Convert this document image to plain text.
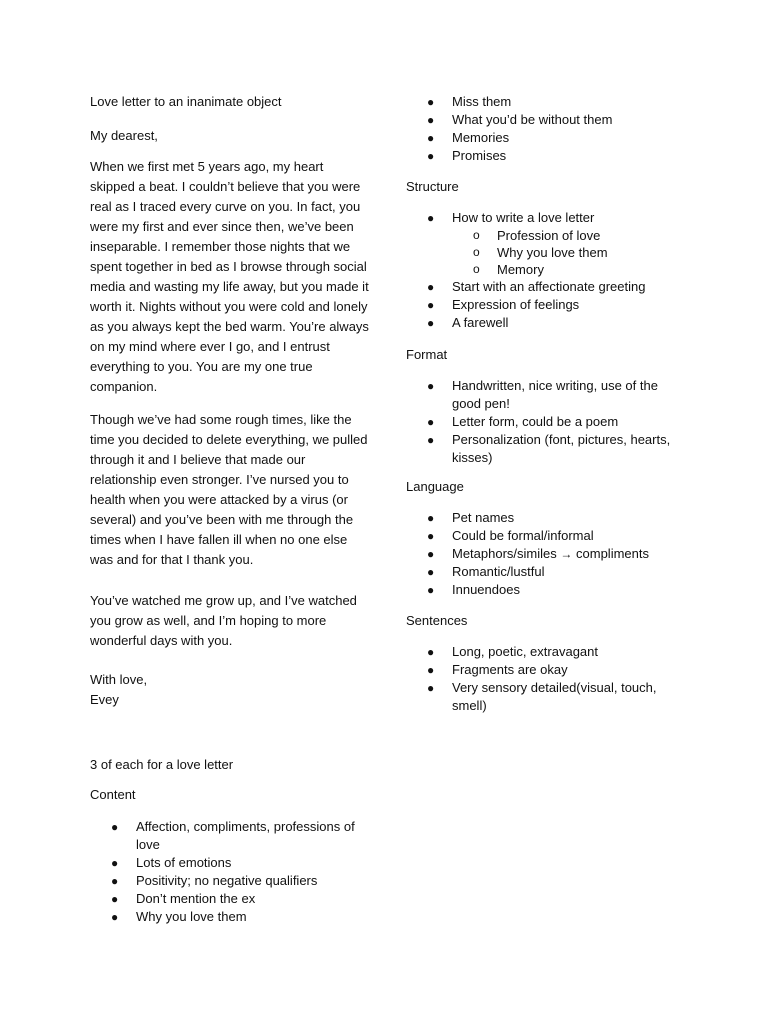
Love letter to an inanimate object
My dearest,
When we first met 5 years ago, my heart skipped a beat. I couldn’t believe that you were real as I traced every curve on you. In fact, you were my first and ever since then, we’ve been inseparable. I remember those nights that we spent together in bed as I browse through social media and wasting my life away, but you made it worth it. Nights without you were cold and lonely as you always kept the bed warm. You’re always on my mind where ever I go, and I entrust everything to you. You are my one true companion.
Though we’ve had some rough times, like the time you decided to delete everything, we pulled through it and I believe that made our relationship even stronger. I’ve nursed you to health when you were attacked by a virus (or several) and you’ve been with me through the times when I have fallen ill when no one else was and for that I thank you.
You’ve watched me grow up, and I’ve watched you grow as well, and I’m hoping to more wonderful days with you.
With love,
Evey
3 of each for a love letter
Content
● Affection, compliments, professions of love
● Lots of emotions
● Positivity; no negative qualifiers
● Don’t mention the ex
● Why you love them
● Miss them
● What you’d be without them
● Memories
● Promises
Structure
● How to write a love letter
o Profession of love
o Why you love them
o Memory
● Start with an affectionate greeting
● Expression of feelings
● A farewell
Format
● Handwritten, nice writing, use of the good pen!
● Letter form, could be a poem
● Personalization (font, pictures, hearts, kisses)
Language
● Pet names
● Could be formal/informal
● Metaphors/similes → compliments
● Romantic/lustful
● Innuendoes
Sentences
● Long, poetic, extravagant
● Fragments are okay
● Very sensory detailed(visual, touch, smell)
